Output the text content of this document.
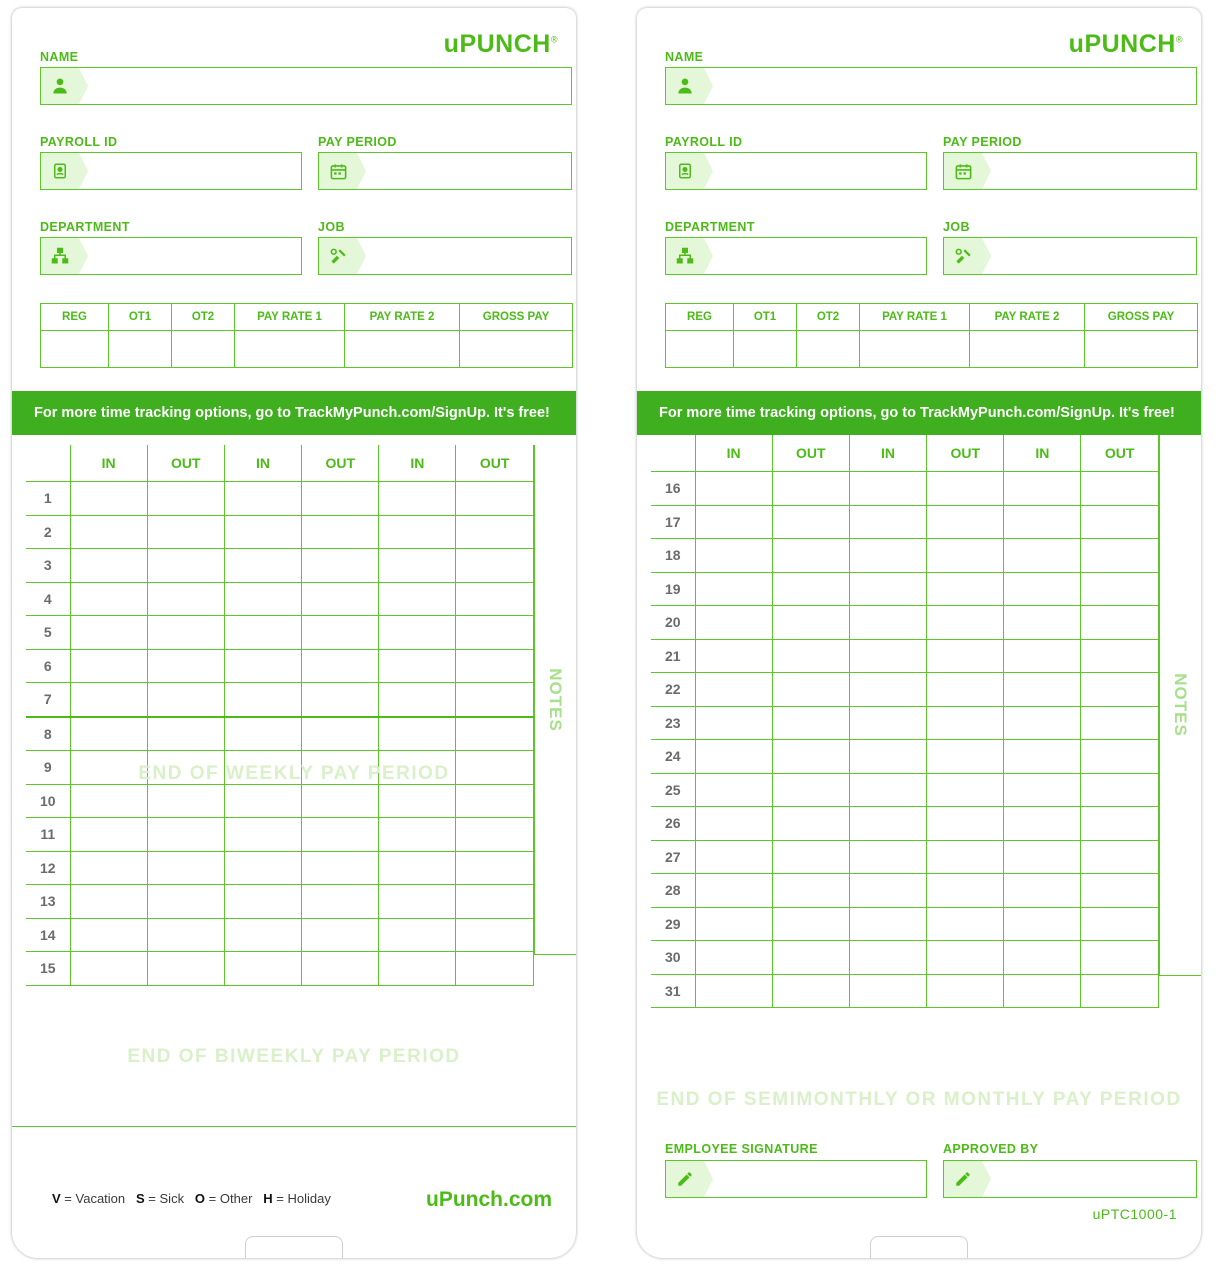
uPUNCH®
NAME
PAYROLL ID	PAY PERIOD
DEPARTMENT	JOB
REG	OT1	OT2	PAY RATE 1	PAY RATE 2	GROSS PAY

For more time tracking options, go to TrackMyPunch.com/SignUp. It's free!
	IN	OUT	IN	OUT	IN	OUT
1						
2						
3						
4						
5						
6						
7						
8						
9						
10						
11						
12						
13						
14						
15						
NOTES
END OF WEEKLY PAY PERIOD
END OF BIWEEKLY PAY PERIOD
V = Vacation S = Sick O = Other H = Holiday	uPunch.com
uPUNCH®
NAME
PAYROLL ID	PAY PERIOD
DEPARTMENT	JOB
REG	OT1	OT2	PAY RATE 1	PAY RATE 2	GROSS PAY

For more time tracking options, go to TrackMyPunch.com/SignUp. It's free!
	IN	OUT	IN	OUT	IN	OUT
16						
17						
18						
19						
20						
21						
22						
23						
24						
25						
26						
27						
28						
29						
30						
31						
NOTES
END OF SEMIMONTHLY OR MONTHLY PAY PERIOD
EMPLOYEE SIGNATURE	APPROVED BY
uPTC1000-1
